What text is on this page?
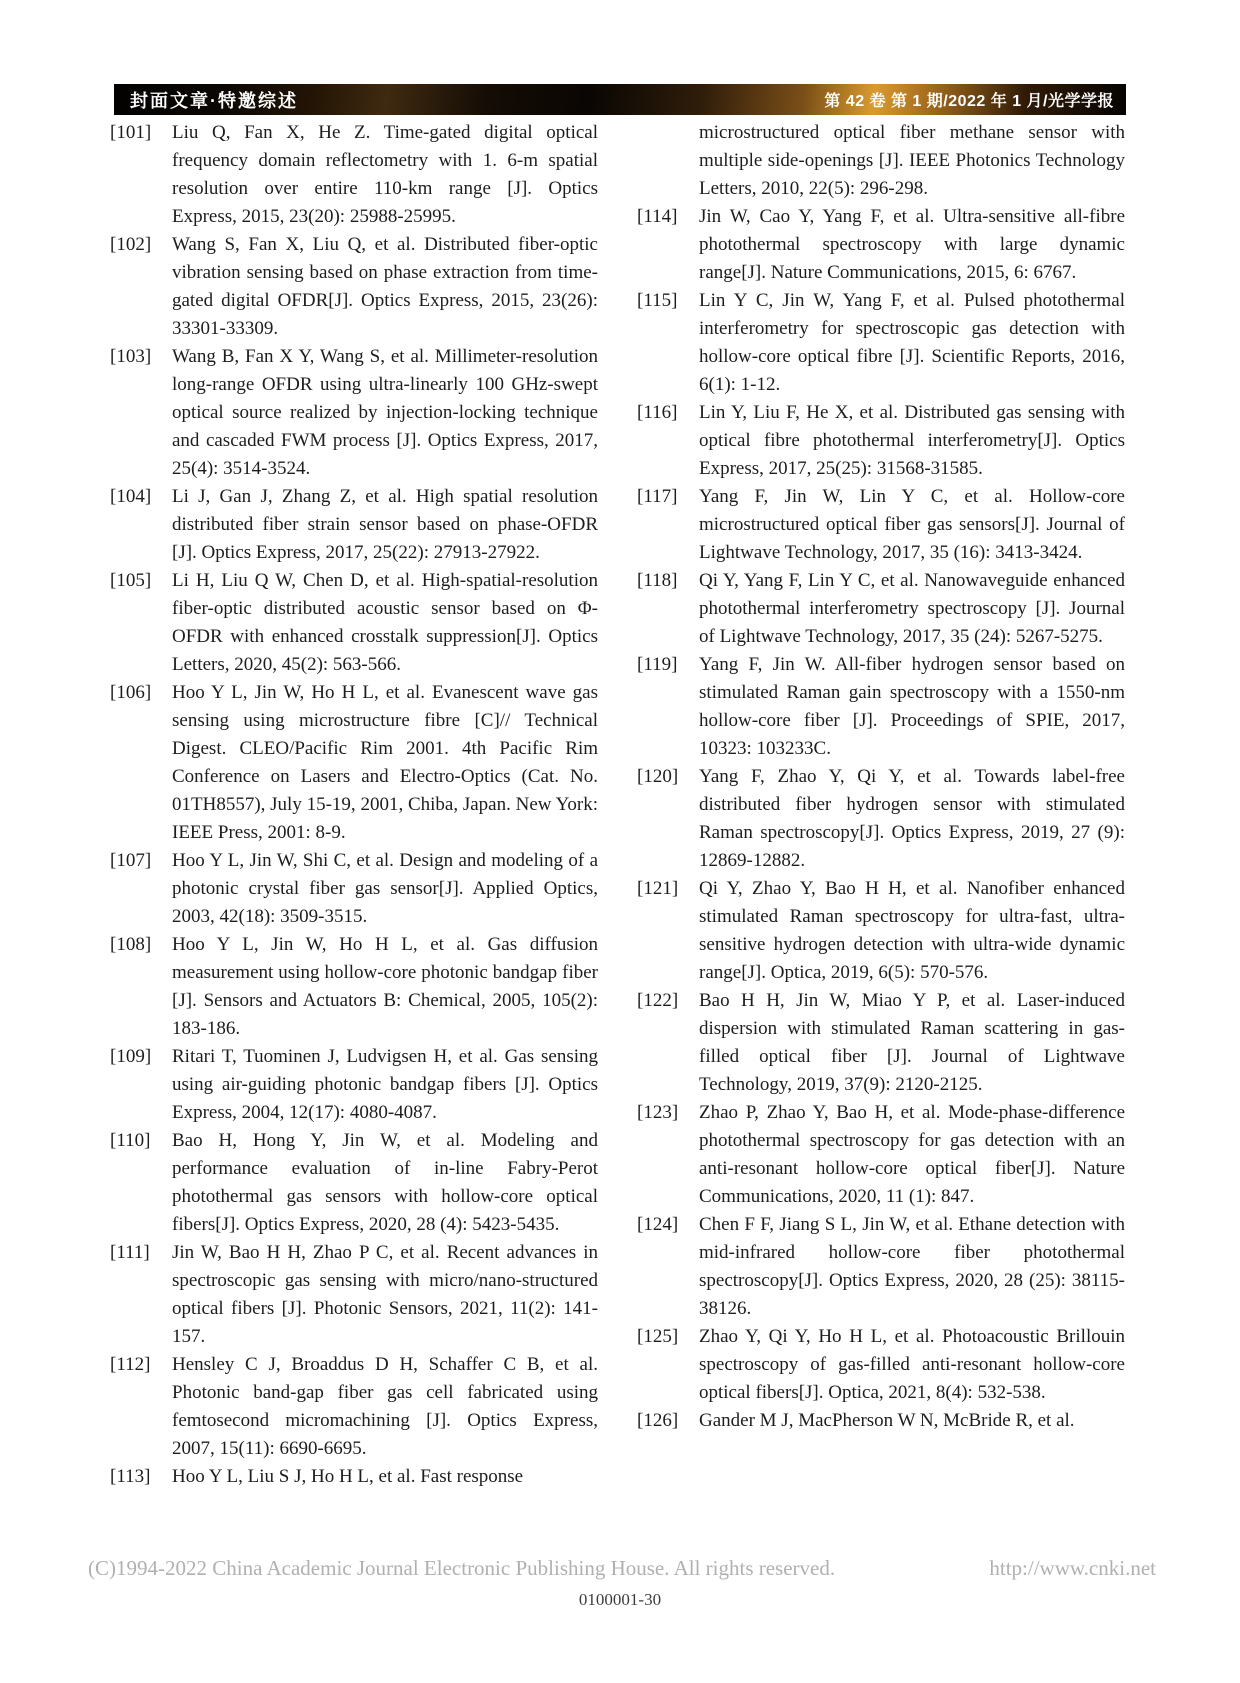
封面文章·特邀综述	第 42 卷 第 1 期/2022 年 1 月/光学学报
[101]	Liu Q, Fan X, He Z. Time-gated digital optical frequency domain reflectometry with 1. 6-m spatial resolution over entire 110-km range [J]. Optics Express, 2015, 23(20): 25988-25995.
[102]	Wang S, Fan X, Liu Q, et al. Distributed fiber-optic vibration sensing based on phase extraction from time-gated digital OFDR[J]. Optics Express, 2015, 23(26): 33301-33309.
[103]	Wang B, Fan X Y, Wang S, et al. Millimeter-resolution long-range OFDR using ultra-linearly 100 GHz-swept optical source realized by injection-locking technique and cascaded FWM process [J]. Optics Express, 2017, 25(4): 3514-3524.
[104]	Li J, Gan J, Zhang Z, et al. High spatial resolution distributed fiber strain sensor based on phase-OFDR [J]. Optics Express, 2017, 25(22): 27913-27922.
[105]	Li H, Liu Q W, Chen D, et al. High-spatial-resolution fiber-optic distributed acoustic sensor based on Φ-OFDR with enhanced crosstalk suppression[J]. Optics Letters, 2020, 45(2): 563-566.
[106]	Hoo Y L, Jin W, Ho H L, et al. Evanescent wave gas sensing using microstructure fibre [C]// Technical Digest. CLEO/Pacific Rim 2001. 4th Pacific Rim Conference on Lasers and Electro-Optics (Cat. No. 01TH8557), July 15-19, 2001, Chiba, Japan. New York: IEEE Press, 2001: 8-9.
[107]	Hoo Y L, Jin W, Shi C, et al. Design and modeling of a photonic crystal fiber gas sensor[J]. Applied Optics, 2003, 42(18): 3509-3515.
[108]	Hoo Y L, Jin W, Ho H L, et al. Gas diffusion measurement using hollow-core photonic bandgap fiber [J]. Sensors and Actuators B: Chemical, 2005, 105(2): 183-186.
[109]	Ritari T, Tuominen J, Ludvigsen H, et al. Gas sensing using air-guiding photonic bandgap fibers [J]. Optics Express, 2004, 12(17): 4080-4087.
[110]	Bao H, Hong Y, Jin W, et al. Modeling and performance evaluation of in-line Fabry-Perot photothermal gas sensors with hollow-core optical fibers[J]. Optics Express, 2020, 28 (4): 5423-5435.
[111]	Jin W, Bao H H, Zhao P C, et al. Recent advances in spectroscopic gas sensing with micro/nano-structured optical fibers [J]. Photonic Sensors, 2021, 11(2): 141-157.
[112]	Hensley C J, Broaddus D H, Schaffer C B, et al. Photonic band-gap fiber gas cell fabricated using femtosecond micromachining [J]. Optics Express, 2007, 15(11): 6690-6695.
[113]	Hoo Y L, Liu S J, Ho H L, et al. Fast response
microstructured optical fiber methane sensor with multiple side-openings [J]. IEEE Photonics Technology Letters, 2010, 22(5): 296-298.
[114]	Jin W, Cao Y, Yang F, et al. Ultra-sensitive all-fibre photothermal spectroscopy with large dynamic range[J]. Nature Communications, 2015, 6: 6767.
[115]	Lin Y C, Jin W, Yang F, et al. Pulsed photothermal interferometry for spectroscopic gas detection with hollow-core optical fibre [J]. Scientific Reports, 2016, 6(1): 1-12.
[116]	Lin Y, Liu F, He X, et al. Distributed gas sensing with optical fibre photothermal interferometry[J]. Optics Express, 2017, 25(25): 31568-31585.
[117]	Yang F, Jin W, Lin Y C, et al. Hollow-core microstructured optical fiber gas sensors[J]. Journal of Lightwave Technology, 2017, 35 (16): 3413-3424.
[118]	Qi Y, Yang F, Lin Y C, et al. Nanowaveguide enhanced photothermal interferometry spectroscopy [J]. Journal of Lightwave Technology, 2017, 35 (24): 5267-5275.
[119]	Yang F, Jin W. All-fiber hydrogen sensor based on stimulated Raman gain spectroscopy with a 1550-nm hollow-core fiber [J]. Proceedings of SPIE, 2017, 10323: 103233C.
[120]	Yang F, Zhao Y, Qi Y, et al. Towards label-free distributed fiber hydrogen sensor with stimulated Raman spectroscopy[J]. Optics Express, 2019, 27 (9): 12869-12882.
[121]	Qi Y, Zhao Y, Bao H H, et al. Nanofiber enhanced stimulated Raman spectroscopy for ultra-fast, ultra-sensitive hydrogen detection with ultra-wide dynamic range[J]. Optica, 2019, 6(5): 570-576.
[122]	Bao H H, Jin W, Miao Y P, et al. Laser-induced dispersion with stimulated Raman scattering in gas-filled optical fiber [J]. Journal of Lightwave Technology, 2019, 37(9): 2120-2125.
[123]	Zhao P, Zhao Y, Bao H, et al. Mode-phase-difference photothermal spectroscopy for gas detection with an anti-resonant hollow-core optical fiber[J]. Nature Communications, 2020, 11 (1): 847.
[124]	Chen F F, Jiang S L, Jin W, et al. Ethane detection with mid-infrared hollow-core fiber photothermal spectroscopy[J]. Optics Express, 2020, 28 (25): 38115-38126.
[125]	Zhao Y, Qi Y, Ho H L, et al. Photoacoustic Brillouin spectroscopy of gas-filled anti-resonant hollow-core optical fibers[J]. Optica, 2021, 8(4): 532-538.
[126]	Gander M J, MacPherson W N, McBride R, et al.
(C)1994-2022 China Academic Journal Electronic Publishing House. All rights reserved.	http://www.cnki.net
0100001-30
